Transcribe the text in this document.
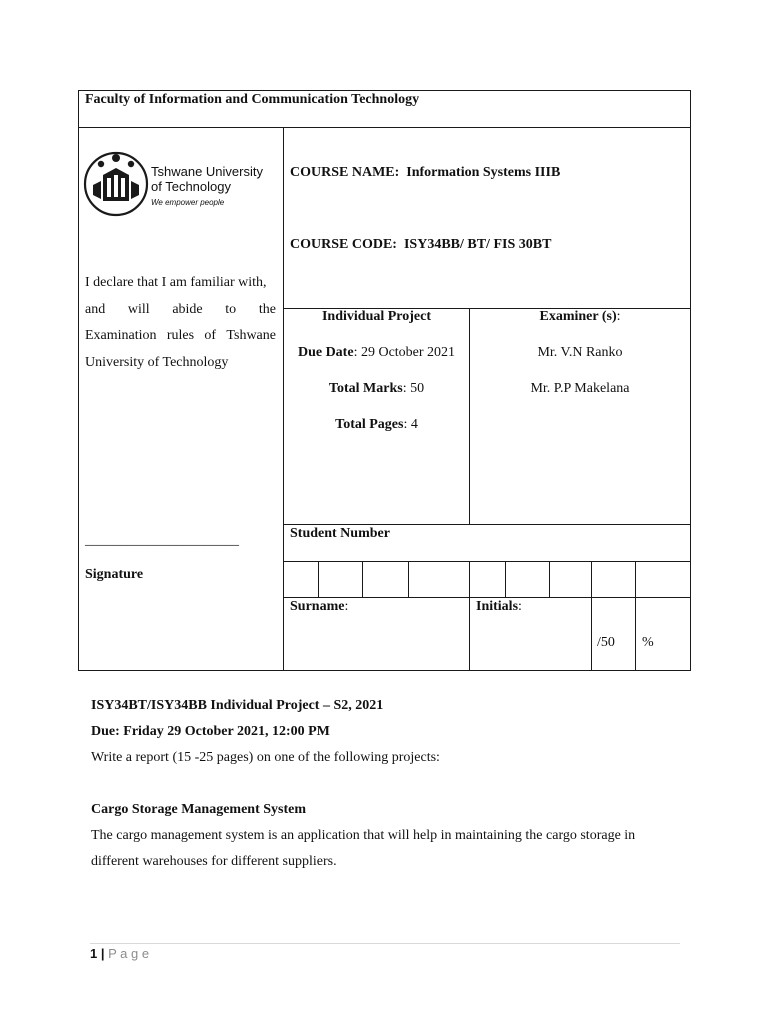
Faculty of Information and Communication Technology
Tshwane University
of Technology
We empower people
COURSE NAME: Information Systems IIIB
COURSE CODE: ISY34BB/ BT/ FIS 30BT
I declare that I am familiar with,
and will abide to the
Examination rules of Tshwane
University of Technology
Individual Project
Due Date: 29 October 2021
Total Marks: 50
Total Pages: 4
Examiner (s):
Mr. V.N Ranko
Mr. P.P Makelana
______________________
Signature
Student Number
Surname:	Initials:
/50 %
ISY34BT/ISY34BB Individual Project – S2, 2021
Due: Friday 29 October 2021, 12:00 PM
Write a report (15 -25 pages) on one of the following projects:
Cargo Storage Management System
The cargo management system is an application that will help in maintaining the cargo storage in
different warehouses for different suppliers.
1 | P a g e
